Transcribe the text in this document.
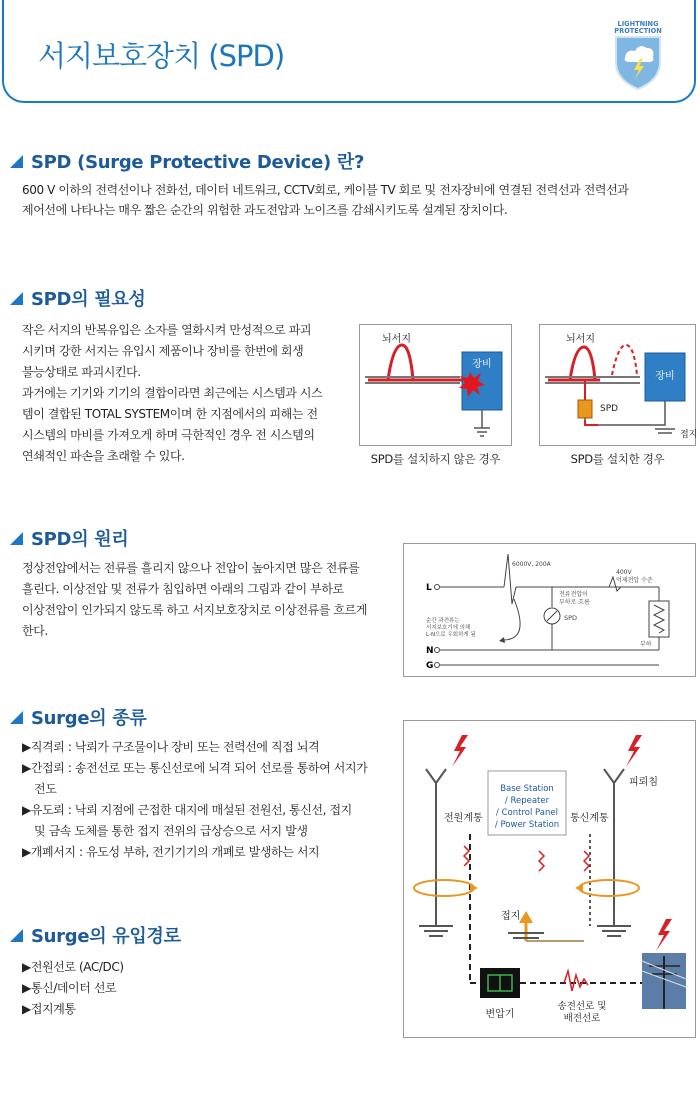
서지보호장치 (SPD)
LIGHTNING
PROTECTION
SPD (Surge Protective Device) 란?

600 V 이하의 전력선이나 전화선, 데이터 네트워크, CCTV회로, 케이블 TV 회로 및 전자장비에 연결된 전력선과 전력선과

제어선에 나타나는 매우 짧은 순간의 위험한 과도전압과 노이즈를 감쇄시키도록 설계된 장치이다.

SPD의 필요성

작은 서지의 반복유입은 소자를 열화시켜 만성적으로 파괴

시키며 강한 서지는 유입시 제품이나 장비를 한번에 회생

불능상태로 파괴시킨다.

과거에는 기기와 기기의 결합이라면 최근에는 시스템과 시스

템이 결합된 TOTAL SYSTEM이며 한 지점에서의 피해는 전

시스템의 마비를 가져오게 하며 극한적인 경우 전 시스템의

연쇄적인 파손을 초래할 수 있다.

뇌서지
장비
SPD를 설치하지 않은 경우
뇌서지
장비
SPD
접지
SPD를 설치한 경우
SPD의 원리

정상전압에서는 전류를 흘리지 않으나 전압이 높아지면 많은 전류를

흘린다. 이상전압 및 전류가 침입하면 아래의 그림과 같이 부하로

이상전압이 인가되지 않도록 하고 서지보호장치로 이상전류를 흐르게

한다.

L
6000V, 200A
400V
억제전압 수준
전류전압이
부하로 흐름
SPD
순간 과전류는
서지보호기에 의해
L-N으로 우회하게 됨
N
G
부하
Surge의 종류

▶직격뢰 : 낙뢰가 구조물이나 장비 또는 전력선에 직접 뇌격

▶간접뢰 : 송전선로 또는 통신선로에 뇌격 되어 선로를 통하여 서지가

전도

▶유도뢰 : 낙뢰 지점에 근접한 대지에 매설된 전원선, 통신선, 접지

및 금속 도체를 통한 접지 전위의 급상승으로 서지 발생

▶개폐서지 : 유도성 부하, 전기기기의 개폐로 발생하는 서지

Surge의 유입경로

▶전원선로 (AC/DC)

▶통신/데이터 선로

▶접지계통

피뢰침
Base Station
/ Repeater
/ Control Panel
/ Power Station
전원계통	통신계통
접지
변압기
송전선로 및
배전선로
